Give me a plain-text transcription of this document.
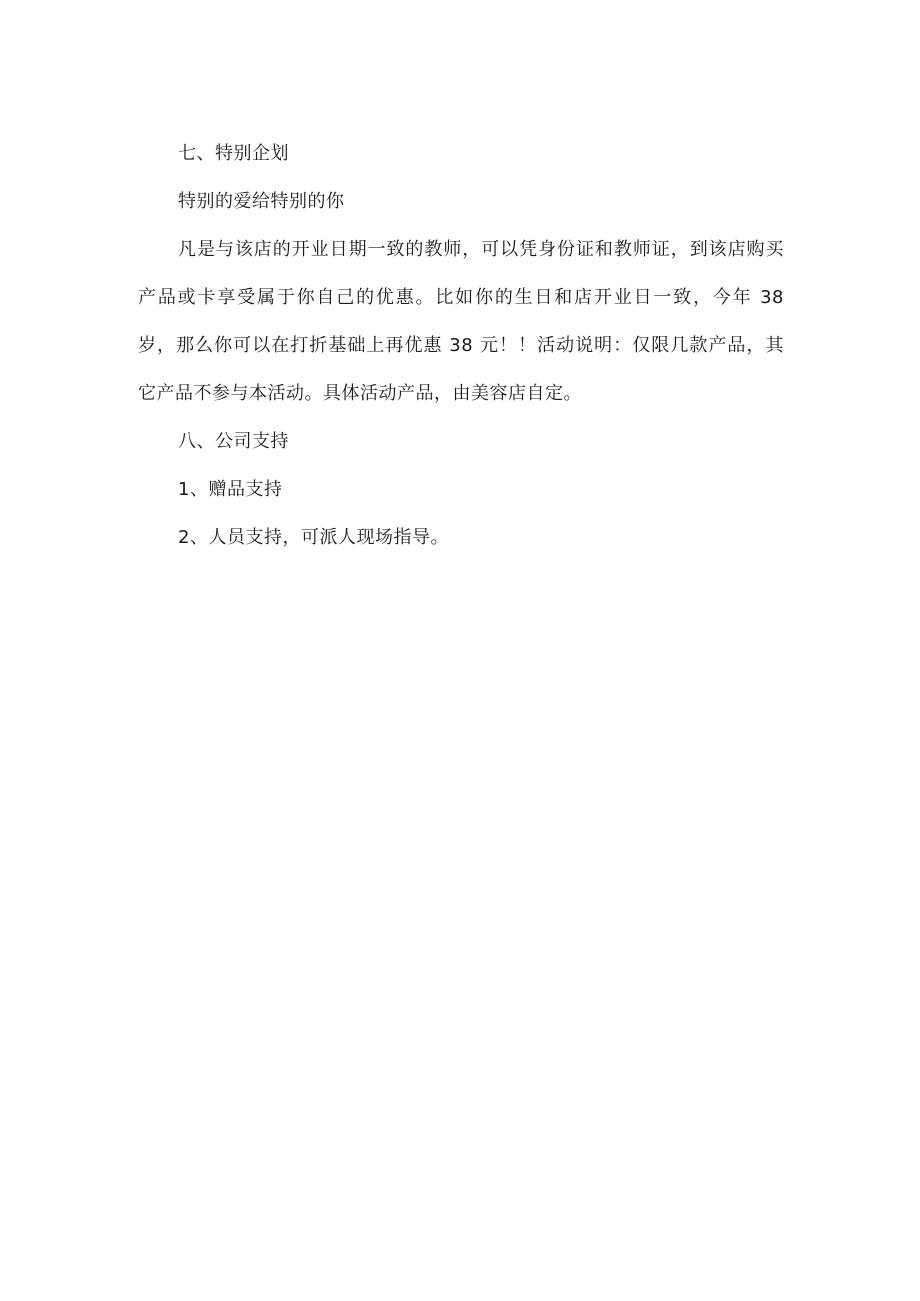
七、特别企划

特别的爱给特别的你

凡是与该店的开业日期一致的教师，可以凭身份证和教师证，到该店购买产品或卡享受属于你自己的优惠。比如你的生日和店开业日一致，今年 38 岁，那么你可以在打折基础上再优惠 38 元！！活动说明：仅限几款产品，其它产品不参与本活动。具体活动产品，由美容店自定。

八、公司支持

1、赠品支持

2、人员支持，可派人现场指导。
